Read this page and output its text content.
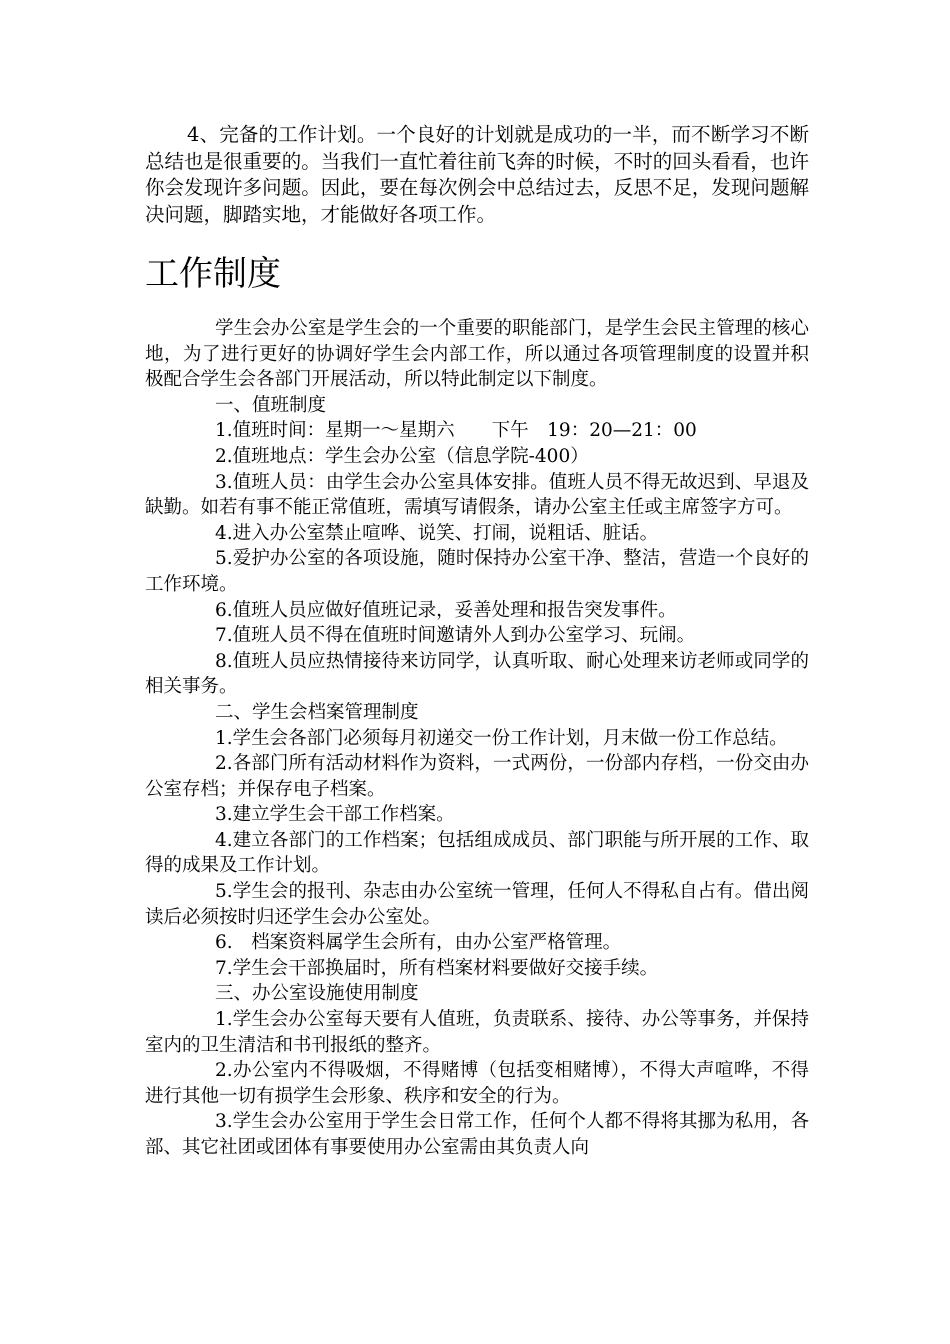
4、完备的工作计划。一个良好的计划就是成功的一半，而不断学习不断总结也是很重要的。当我们一直忙着往前飞奔的时候，不时的回头看看，也许你会发现许多问题。因此，要在每次例会中总结过去，反思不足，发现问题解决问题，脚踏实地，才能做好各项工作。

工作制度

学生会办公室是学生会的一个重要的职能部门，是学生会民主管理的核心地，为了进行更好的协调好学生会内部工作，所以通过各项管理制度的设置并积极配合学生会各部门开展活动，所以特此制定以下制度。

一、值班制度

1.值班时间：星期一～星期六　　下午　19：20—21：00

2.值班地点：学生会办公室（信息学院-400）

3.值班人员：由学生会办公室具体安排。值班人员不得无故迟到、早退及缺勤。如若有事不能正常值班，需填写请假条，请办公室主任或主席签字方可。

4.进入办公室禁止喧哗、说笑、打闹，说粗话、脏话。

5.爱护办公室的各项设施，随时保持办公室干净、整洁，营造一个良好的工作环境。

6.值班人员应做好值班记录，妥善处理和报告突发事件。

7.值班人员不得在值班时间邀请外人到办公室学习、玩闹。

8.值班人员应热情接待来访同学，认真听取、耐心处理来访老师或同学的相关事务。

二、学生会档案管理制度

1.学生会各部门必须每月初递交一份工作计划，月末做一份工作总结。

2.各部门所有活动材料作为资料，一式两份，一份部内存档，一份交由办公室存档；并保存电子档案。

3.建立学生会干部工作档案。

4.建立各部门的工作档案；包括组成成员、部门职能与所开展的工作、取得的成果及工作计划。

5.学生会的报刊、杂志由办公室统一管理，任何人不得私自占有。借出阅读后必须按时归还学生会办公室处。

6.　档案资料属学生会所有，由办公室严格管理。

7.学生会干部换届时，所有档案材料要做好交接手续。

三、办公室设施使用制度

1.学生会办公室每天要有人值班，负责联系、接待、办公等事务，并保持室内的卫生清洁和书刊报纸的整齐。

2.办公室内不得吸烟，不得赌博（包括变相赌博），不得大声喧哗，不得进行其他一切有损学生会形象、秩序和安全的行为。

3.学生会办公室用于学生会日常工作，任何个人都不得将其挪为私用，各部、其它社团或团体有事要使用办公室需由其负责人向
